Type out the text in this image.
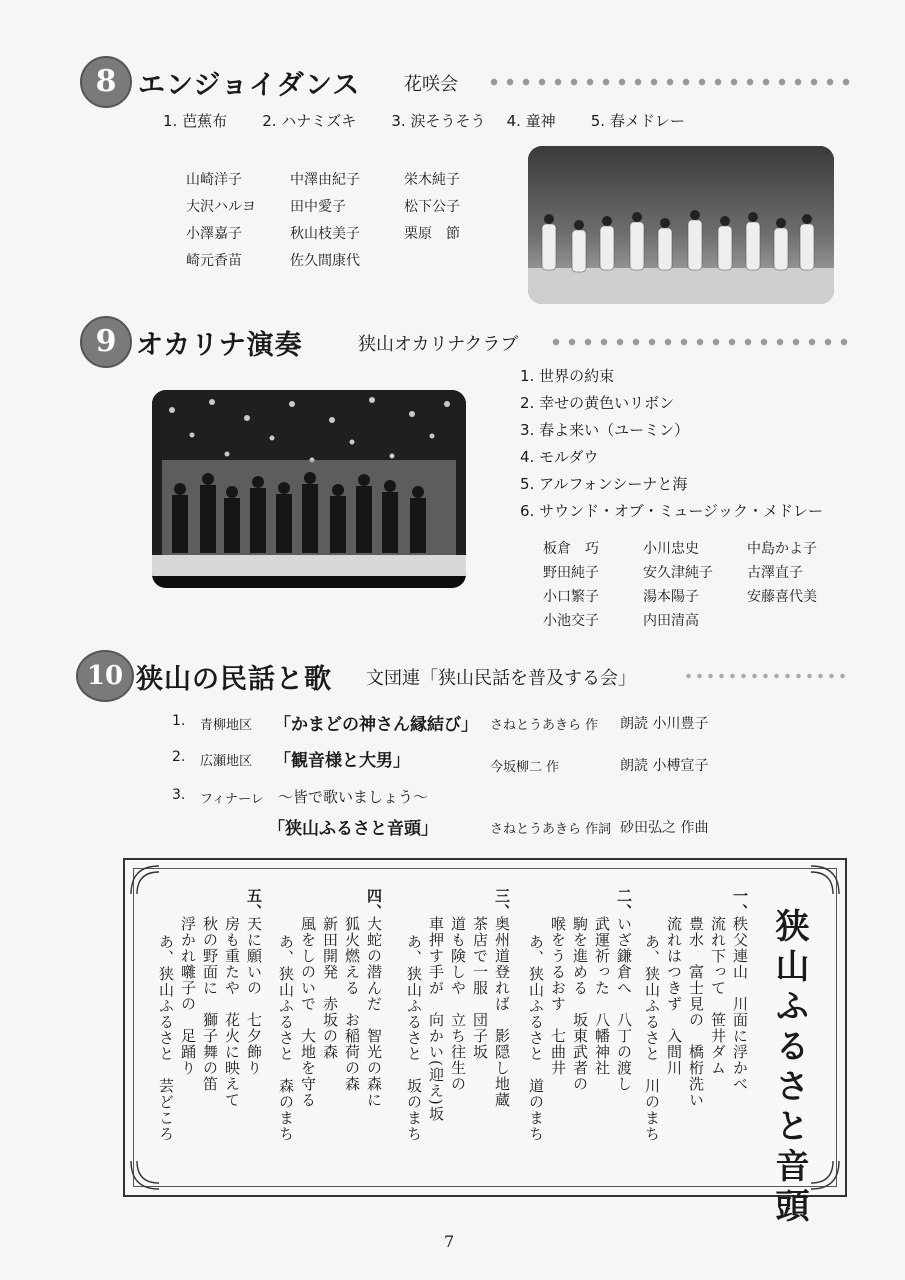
8 エンジョイダンス 花咲会
1. 芭蕉布 2. ハナミズキ 3. 涙そうそう 4. 童神 5. 春メドレー
山崎洋子	中澤由紀子	栄木純子
大沢ハルヨ 田中愛子	松下公子
小澤嘉子	秋山枝美子	栗原　節
崎元香苗	佐久間康代
9 オカリナ演奏	狭山オカリナクラブ
1. 世界の約束
2. 幸せの黄色いリボン
3. 春よ来い（ユーミン）
4. モルダウ
5. アルフォンシーナと海
6. サウンド・オブ・ミュージック・メドレー
板倉　巧	小川忠史	中島かよ子
野田純子	安久津純子 古澤直子
小口繁子	湯本陽子	安藤喜代美
小池交子	内田清高
10 狭山の民話と歌 文団連「狭山民話を普及する会」
1. 青柳地区 「かまどの神さん縁結び」 さねとうあきら 作 朗読 小川豊子
2. 広瀬地区 「観音様と大男」	今坂柳二 作	朗読 小榑宣子
3. フィナーレ ～皆で歌いましょう～
「狭山ふるさと音頭」	さねとうあきら 作詞 砂田弘之 作曲
狭山ふるさと音頭
一、
秩父連山　川面に浮かべ
流れ下って　笹井ダム
豊水　富士見の　橋桁洗い
流れはつきず　入間川
あ、狭山ふるさと　川のまち
二、
いざ鎌倉へ　八丁の渡し
武運祈った　八幡神社
駒を進める　坂東武者の
喉をうるおす　七曲井
あ、狭山ふるさと　道のまち
三、
奥州道登れば　影隠し地蔵
茶店で一服　団子坂
道も険しや　立ち往生の
車押す手が　向かい(迎え)坂
あ、狭山ふるさと　坂のまち
四、
大蛇の潜んだ　智光の森に
狐火燃える　お稲荷の森
新田開発　赤坂の森
風をしのいで　大地を守る
あ、狭山ふるさと　森のまち
五、
天に願いの　七夕飾り
房も重たや　花火に映えて
秋の野面に　獅子舞の笛
浮かれ囃子の　足踊り
あ、狭山ふるさと　芸どころ
7
